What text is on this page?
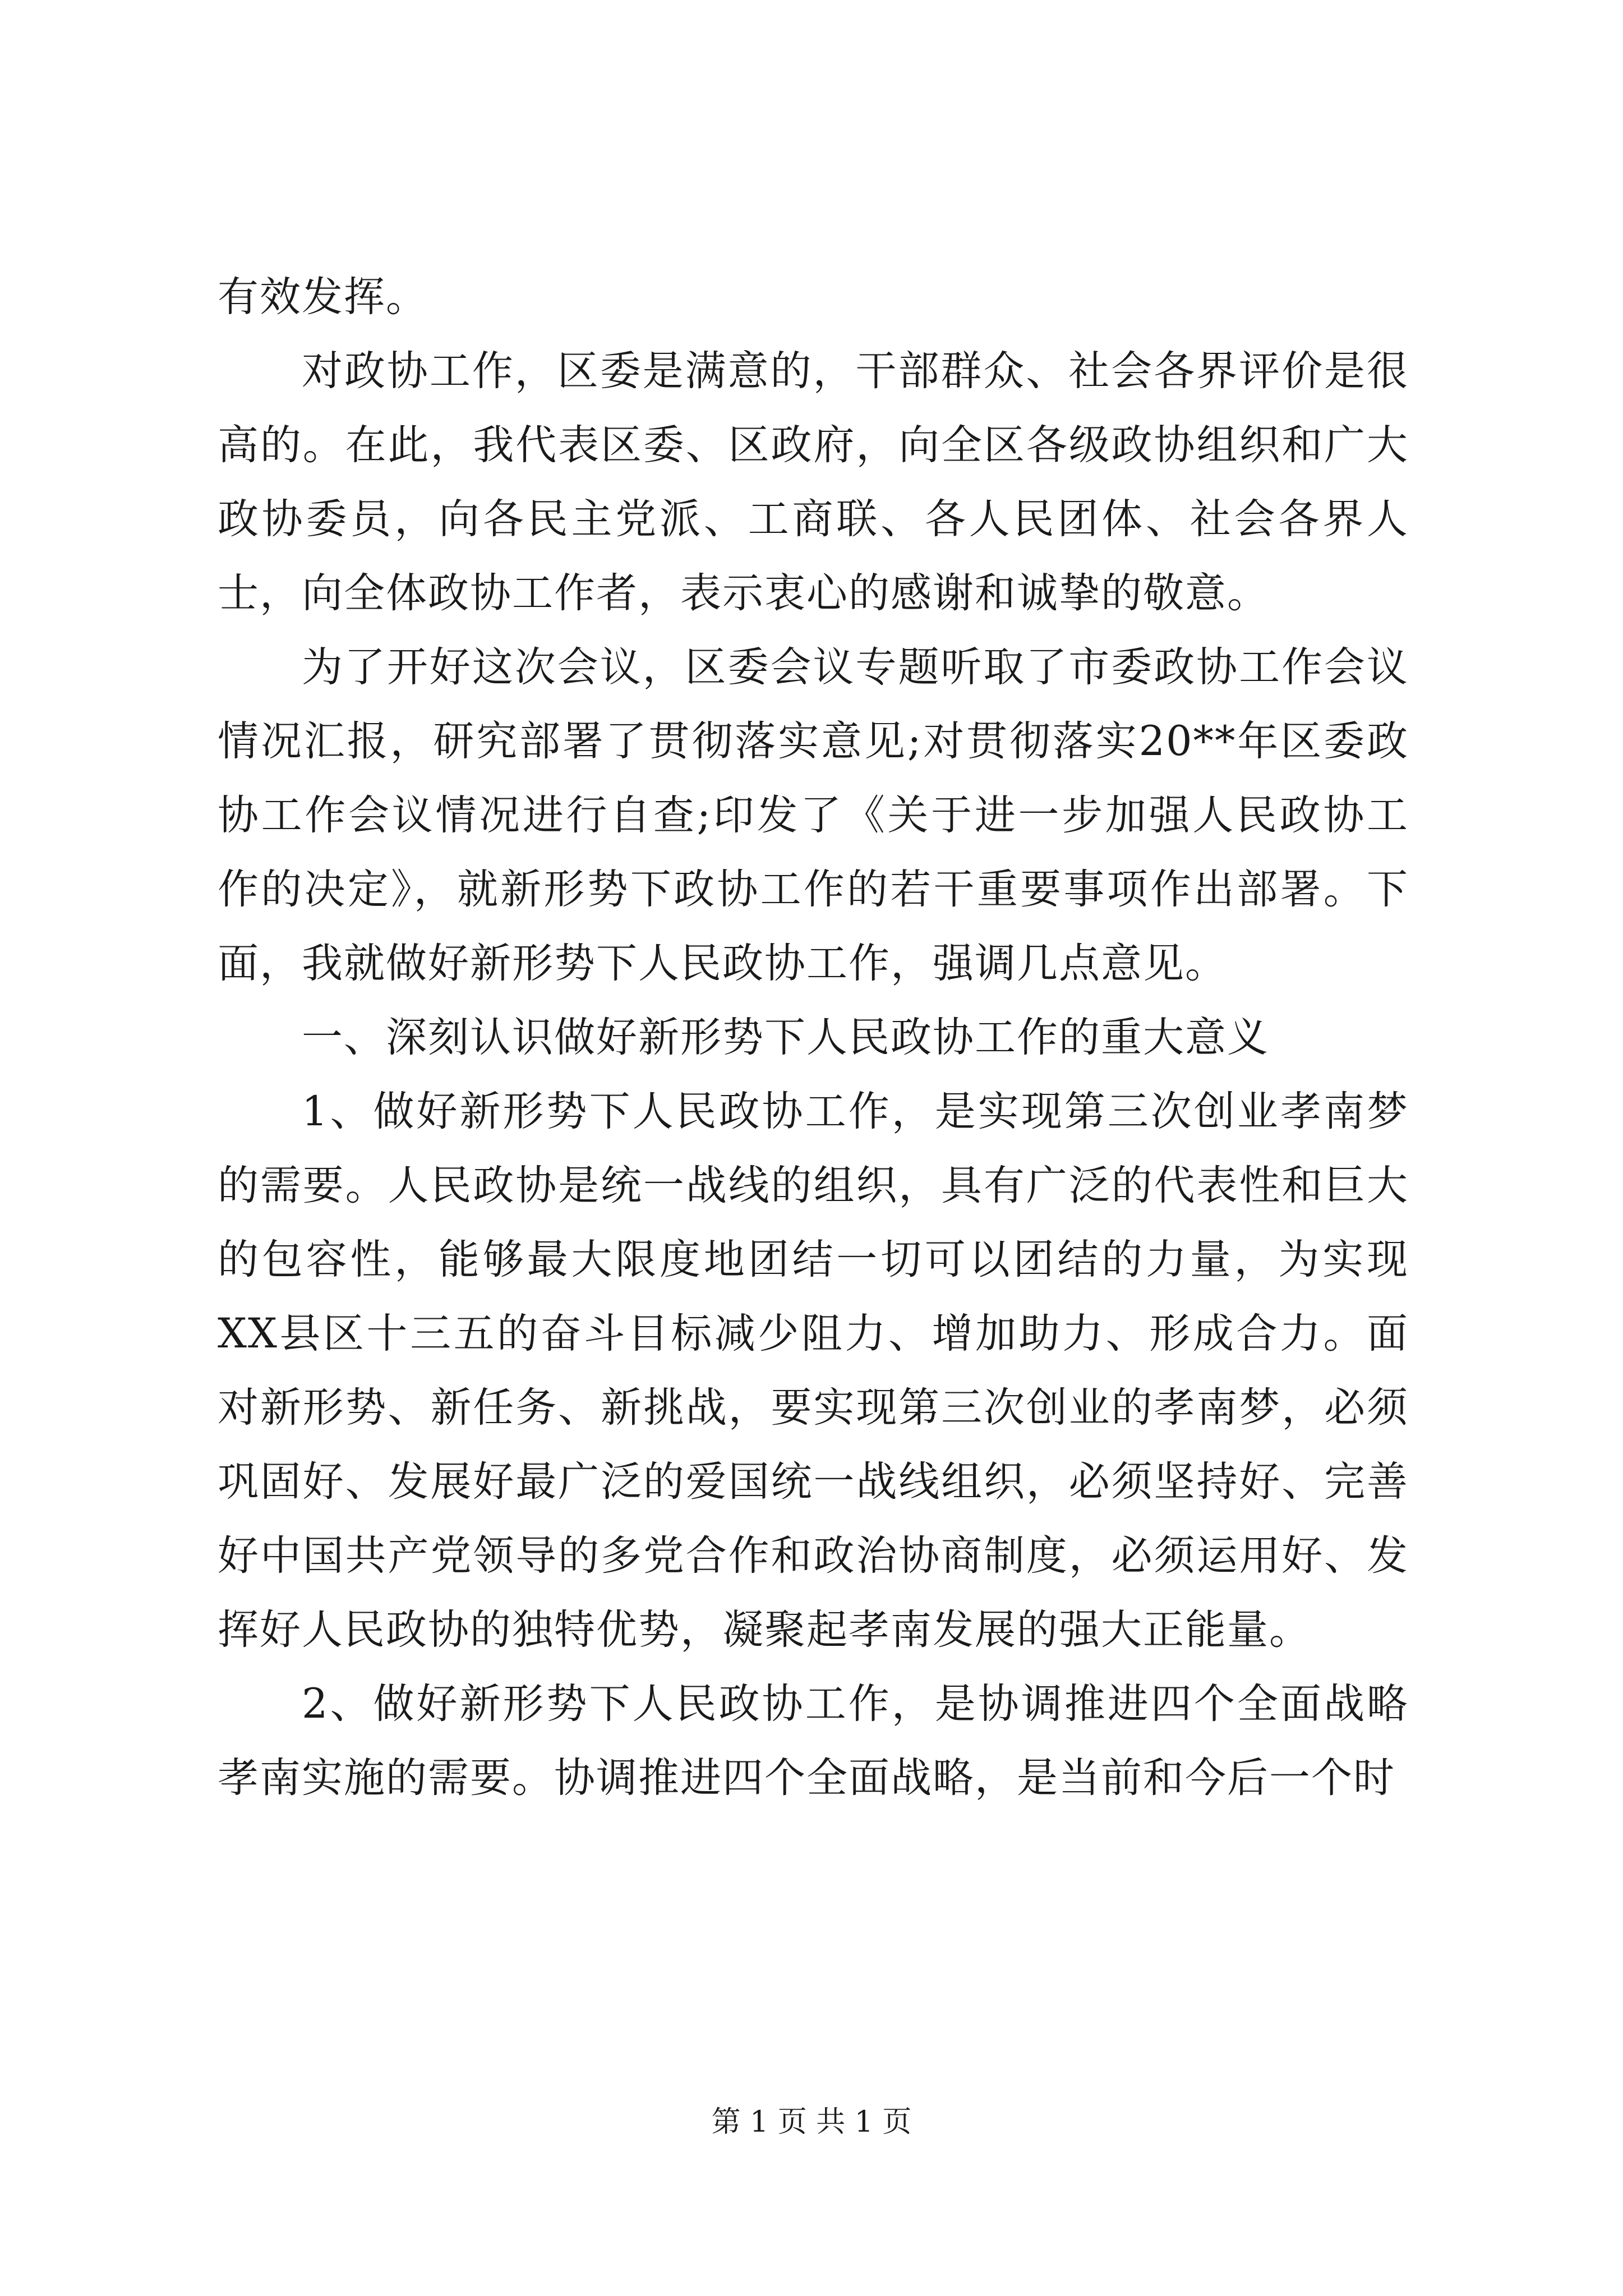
有效发挥。

对政协工作，区委是满意的，干部群众、社会各界评价是很高的。在此，我代表区委、区政府，向全区各级政协组织和广大政协委员，向各民主党派、工商联、各人民团体、社会各界人士，向全体政协工作者，表示衷心的感谢和诚挚的敬意。

为了开好这次会议，区委会议专题听取了市委政协工作会议情况汇报，研究部署了贯彻落实意见;对贯彻落实20**年区委政协工作会议情况进行自查;印发了《关于进一步加强人民政协工作的决定》，就新形势下政协工作的若干重要事项作出部署。下面，我就做好新形势下人民政协工作，强调几点意见。

一、深刻认识做好新形势下人民政协工作的重大意义

1、做好新形势下人民政协工作，是实现第三次创业孝南梦的需要。人民政协是统一战线的组织，具有广泛的代表性和巨大的包容性，能够最大限度地团结一切可以团结的力量，为实现XX县区十三五的奋斗目标减少阻力、增加助力、形成合力。面对新形势、新任务、新挑战，要实现第三次创业的孝南梦，必须巩固好、发展好最广泛的爱国统一战线组织，必须坚持好、完善好中国共产党领导的多党合作和政治协商制度，必须运用好、发挥好人民政协的独特优势，凝聚起孝南发展的强大正能量。

2、做好新形势下人民政协工作，是协调推进四个全面战略孝南实施的需要。协调推进四个全面战略，是当前和今后一个时

第 1 页 共 1 页
